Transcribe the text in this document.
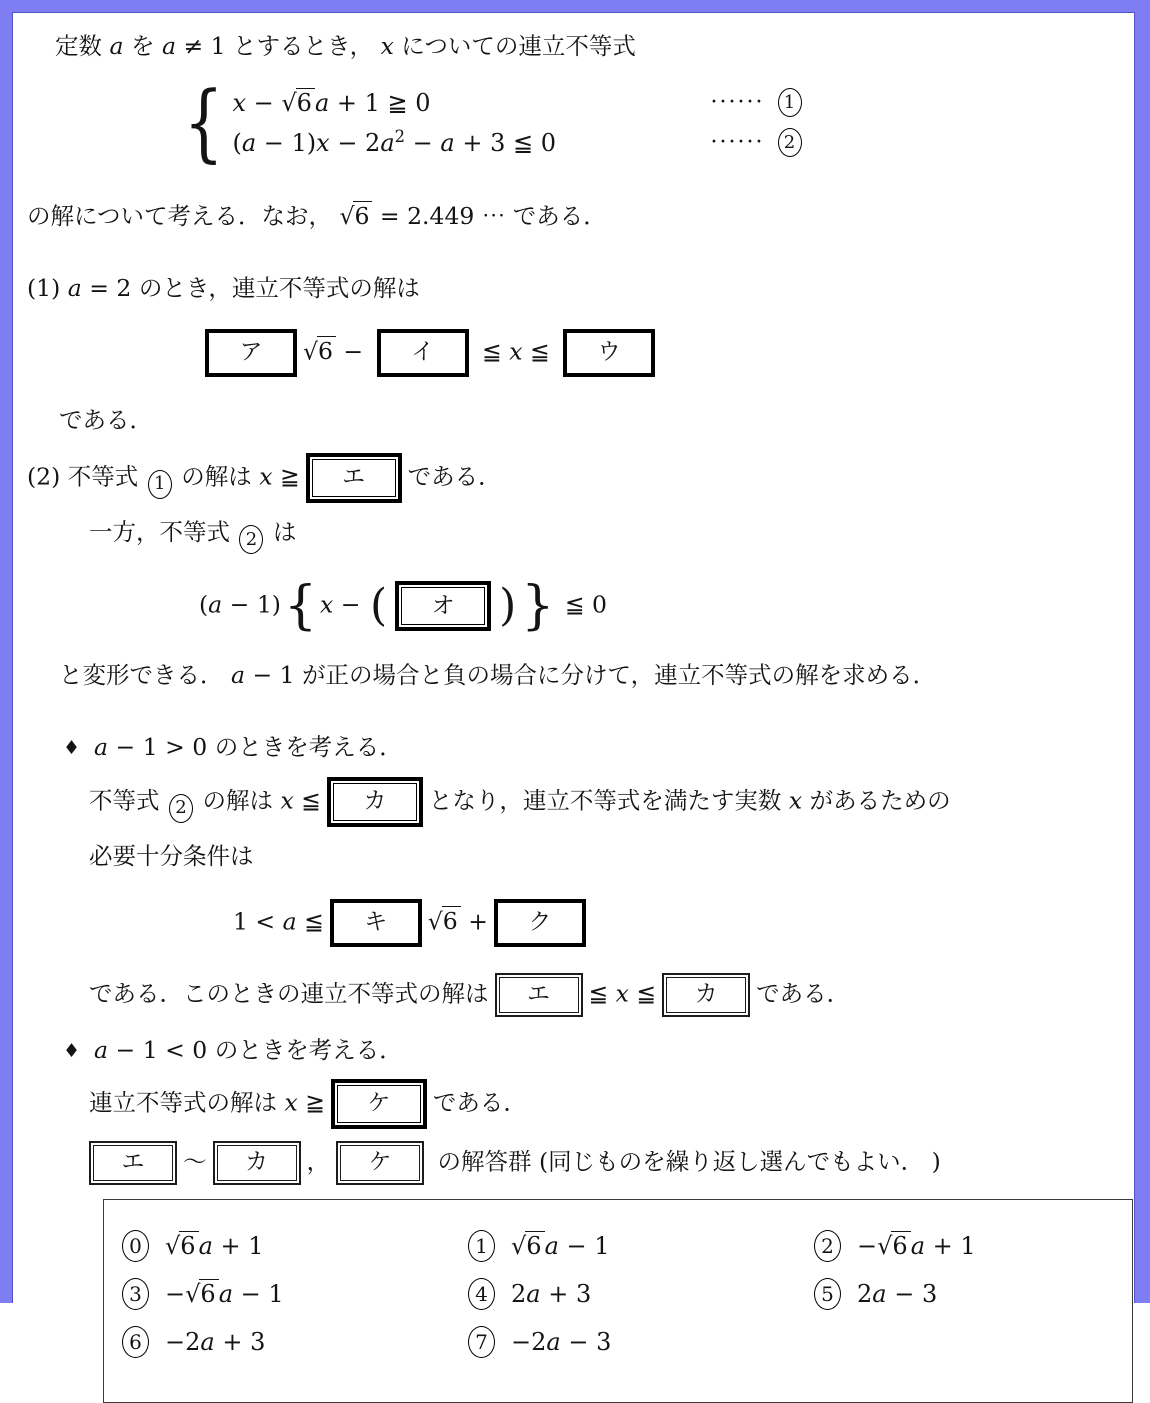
定数 a を a ≠ 1 とするとき， x についての連立不等式

{ x − √6 a + 1 ≧ 0	······ 1
$(a - 1)x - 2a^2 - a + 3$ ≦ 0	······ 2

の解について考える．なお， √6 = 2.449 ⋯ である．

(1) a = 2 のとき，連立不等式の解は

ア √6 − イ ≦ x ≦ ウ

である．

(2) 不等式 1 の解は x ≧	エ	である．

一方，不等式 2 は

(a − 1){ x − (	オ	)} ≦ 0

と変形できる． a − 1 が正の場合と負の場合に分けて，連立不等式の解を求める．

♦ a − 1 > 0 のときを考える．

不等式 2 の解は x ≦	カ	となり，連立不等式を満たす実数 x があるための

必要十分条件は

1 < a ≦ キ √6 + ク

である．このときの連立不等式の解は	エ	≦ x ≦	カ	である．

♦ a − 1 < 0 のときを考える．

連立不等式の解は x ≧	ケ	である．

エ	～	カ	，	ケ	の解答群 (同じものを繰り返し選んでもよい． )

0 √6 a + 1	1 √6 a − 1	2 −√6 a + 1
3 −√6 a − 1	4 2a + 3	5 2a − 3
6 −2a + 3	7 −2a − 3
